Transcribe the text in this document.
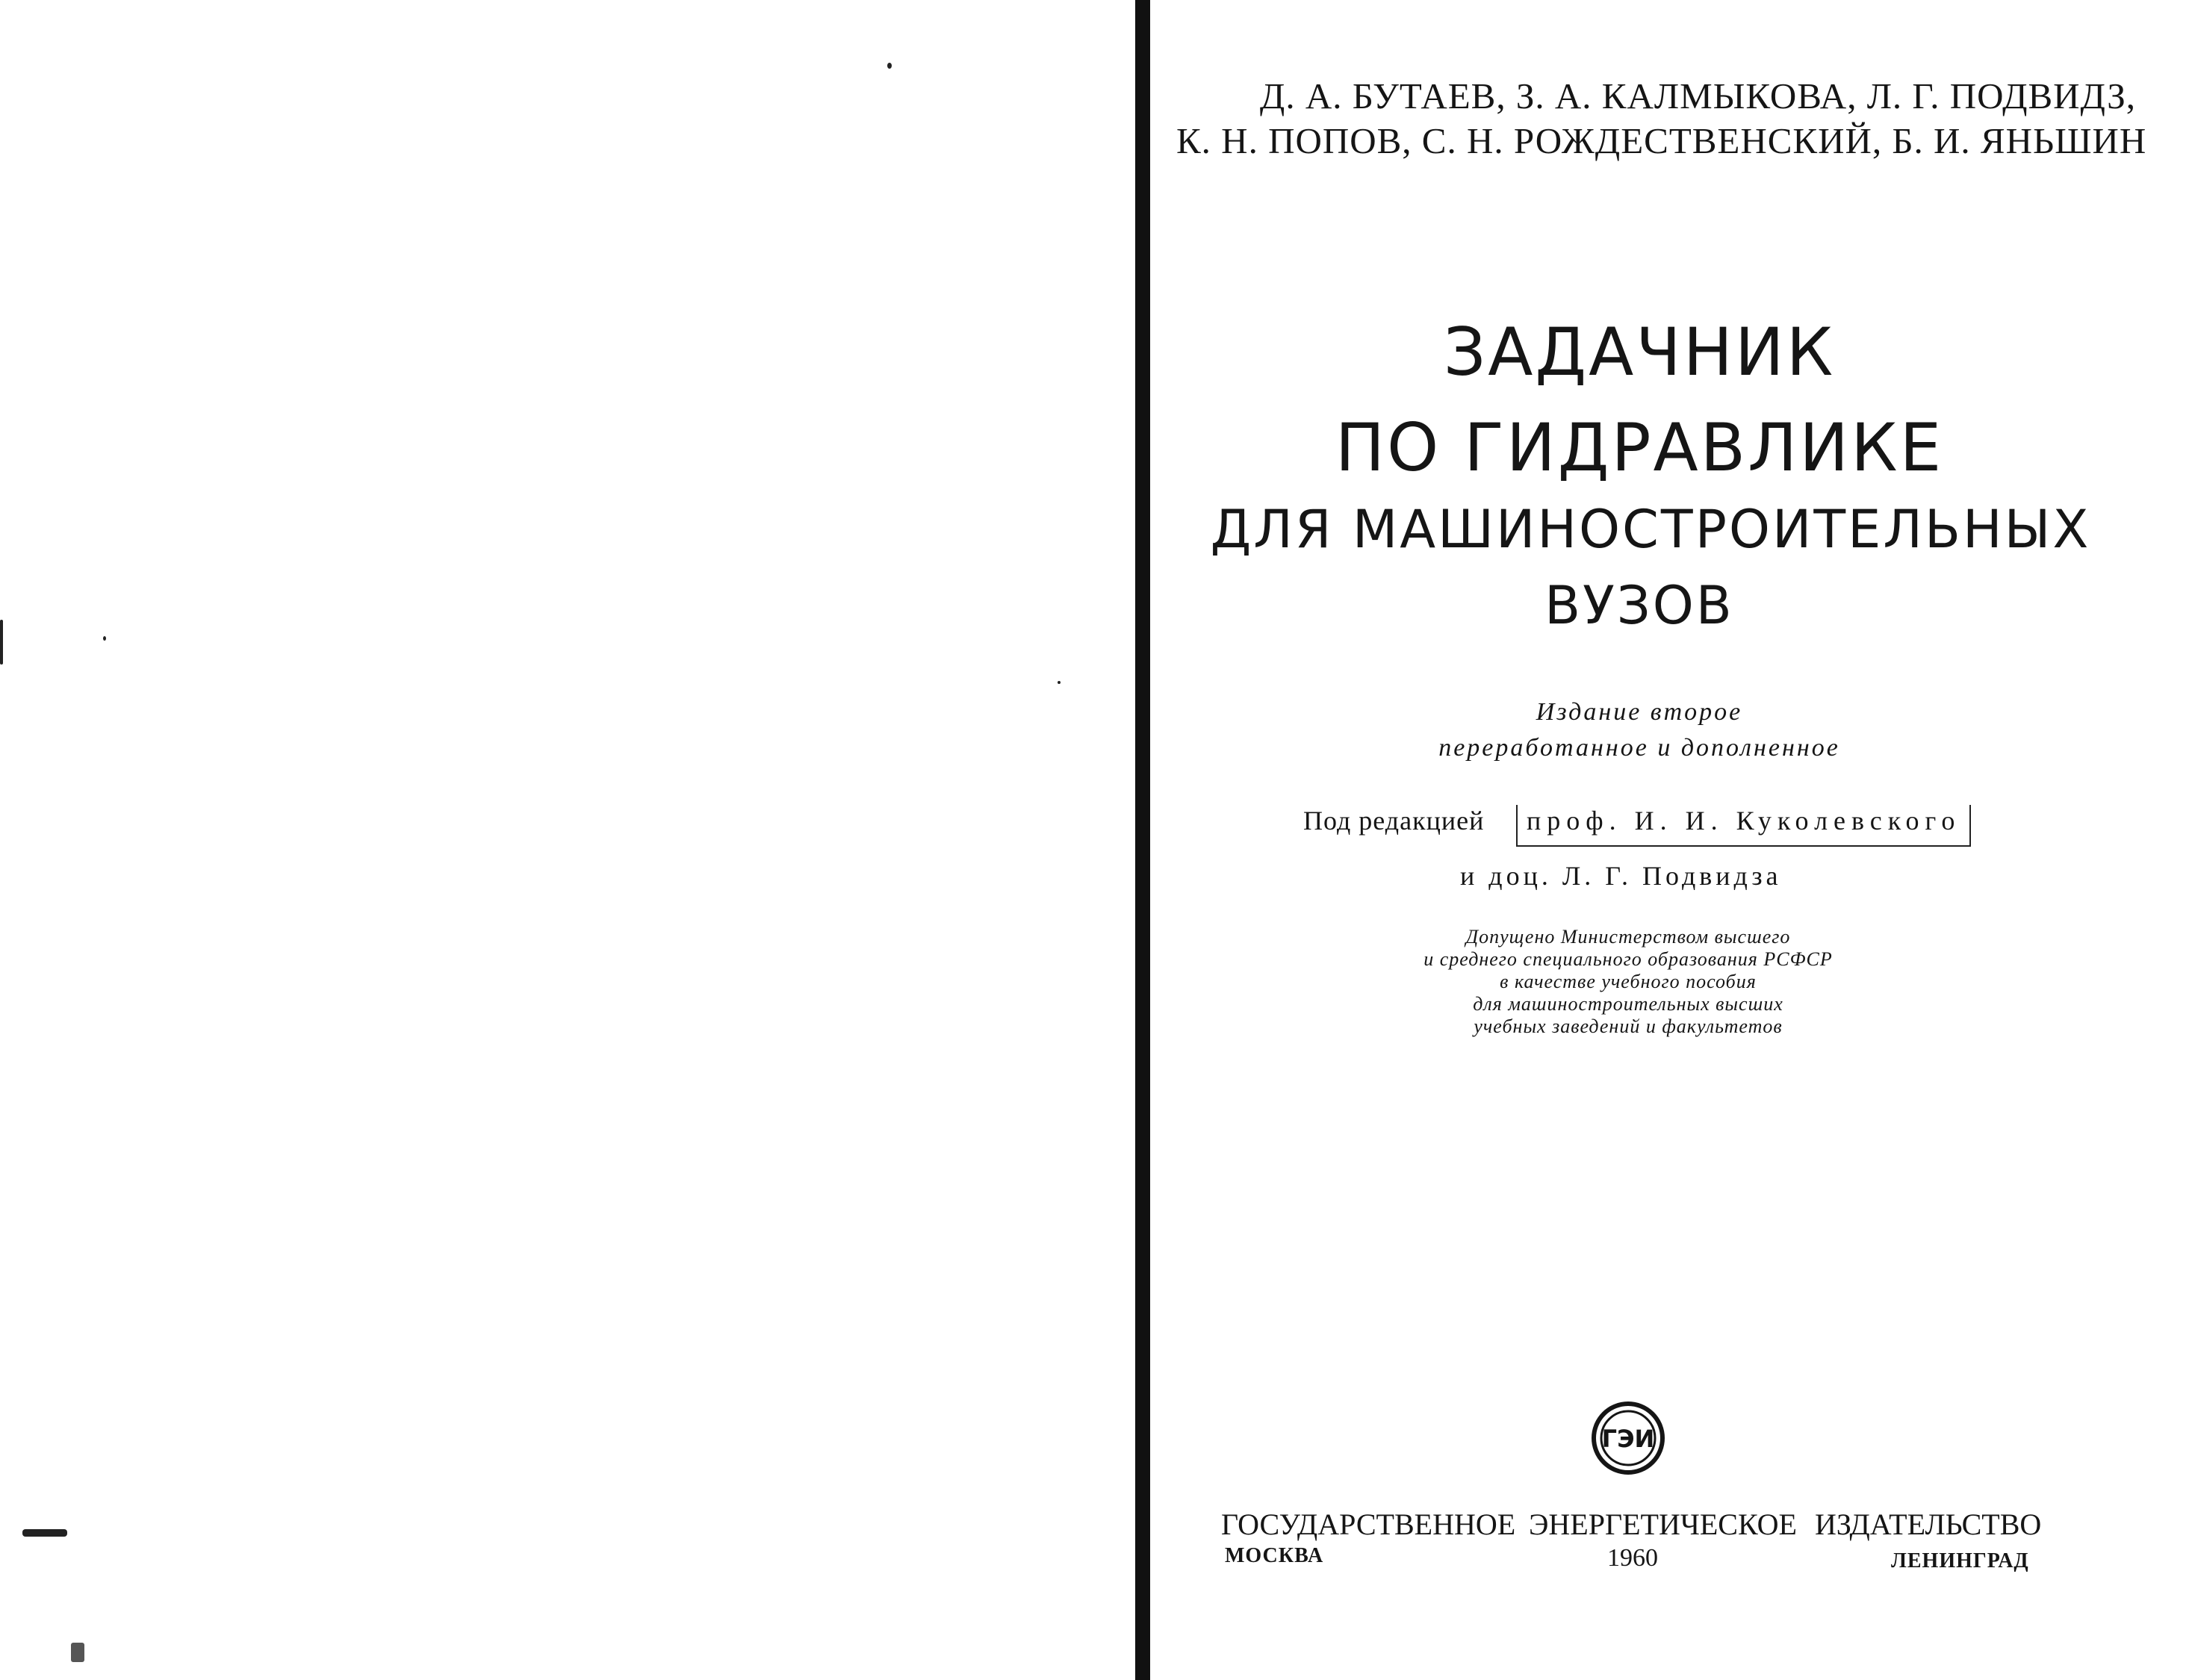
Д. А. БУТАЕВ, З. А. КАЛМЫКОВА, Л. Г. ПОДВИДЗ,
К. Н. ПОПОВ, С. Н. РОЖДЕСТВЕНСКИЙ, Б. И. ЯНЬШИН
ЗАДАЧНИК
ПО ГИДРАВЛИКЕ
ДЛЯ МАШИНОСТРОИТЕЛЬНЫХ
ВУЗОВ
Издание второе
переработанное и дополненное
Под редакцией	проф. И. И. Куколевского
и доц. Л. Г. Подвидза
Допущено Министерством высшего
и среднего специального образования РСФСР
в качестве учебного пособия
для машиностроительных высших
учебных заведений и факультетов
ГЭИ
ГОСУДАРСТВЕННОЕ ЭНЕРГЕТИЧЕСКОЕ ИЗДАТЕЛЬСТВО
МОСКВА	1960	ЛЕНИНГРАД
